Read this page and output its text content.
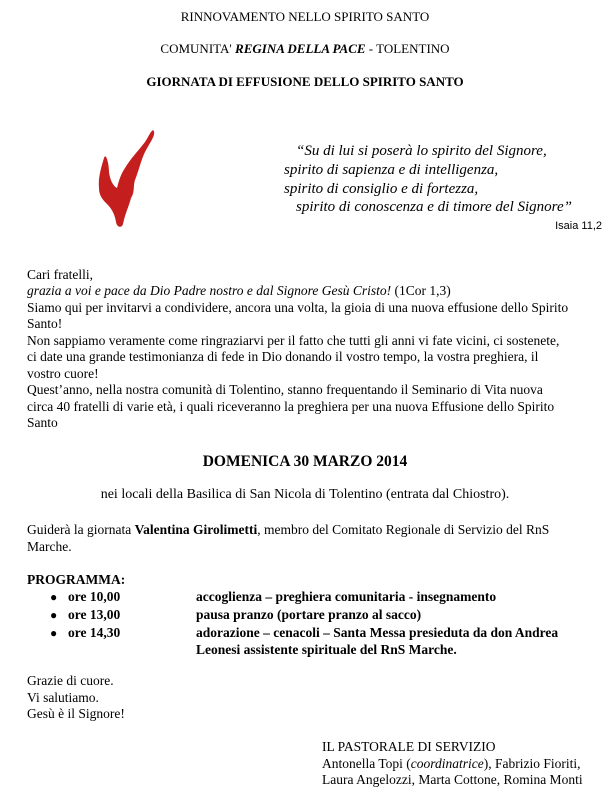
RINNOVAMENTO NELLO SPIRITO SANTO
COMUNITA' REGINA DELLA PACE - TOLENTINO
GIORNATA DI EFFUSIONE DELLO SPIRITO SANTO
“Su di lui si poserà lo spirito del Signore,
spirito di sapienza e di intelligenza,
spirito di consiglio e di fortezza,
spirito di conoscenza e di timore del Signore”
Isaia 11,2
Cari fratelli,
grazia a voi e pace da Dio Padre nostro e dal Signore Gesù Cristo! (1Cor 1,3)
Siamo qui per invitarvi a condividere, ancora una volta, la gioia di una nuova effusione dello Spirito
Santo!
Non sappiamo veramente come ringraziarvi per il fatto che tutti gli anni vi fate vicini, ci sostenete,
ci date una grande testimonianza di fede in Dio donando il vostro tempo, la vostra preghiera, il
vostro cuore!
Quest’anno, nella nostra comunità di Tolentino, stanno frequentando il Seminario di Vita nuova
circa 40 fratelli di varie età, i quali riceveranno la preghiera per una nuova Effusione dello Spirito
Santo
DOMENICA 30 MARZO 2014
nei locali della Basilica di San Nicola di Tolentino (entrata dal Chiostro).
Guiderà la giornata Valentina Girolimetti, membro del Comitato Regionale di Servizio del RnS
Marche.
PROGRAMMA:
● ore 10,00	accoglienza – preghiera comunitaria - insegnamento
● ore 13,00	pausa pranzo (portare pranzo al sacco)
● ore 14,30	adorazione – cenacoli – Santa Messa presieduta da don Andrea
Leonesi assistente spirituale del RnS Marche.
Grazie di cuore.
Vi salutiamo.
Gesù è il Signore!
IL PASTORALE DI SERVIZIO
Antonella Topi (coordinatrice), Fabrizio Fioriti,
Laura Angelozzi, Marta Cottone, Romina Monti
